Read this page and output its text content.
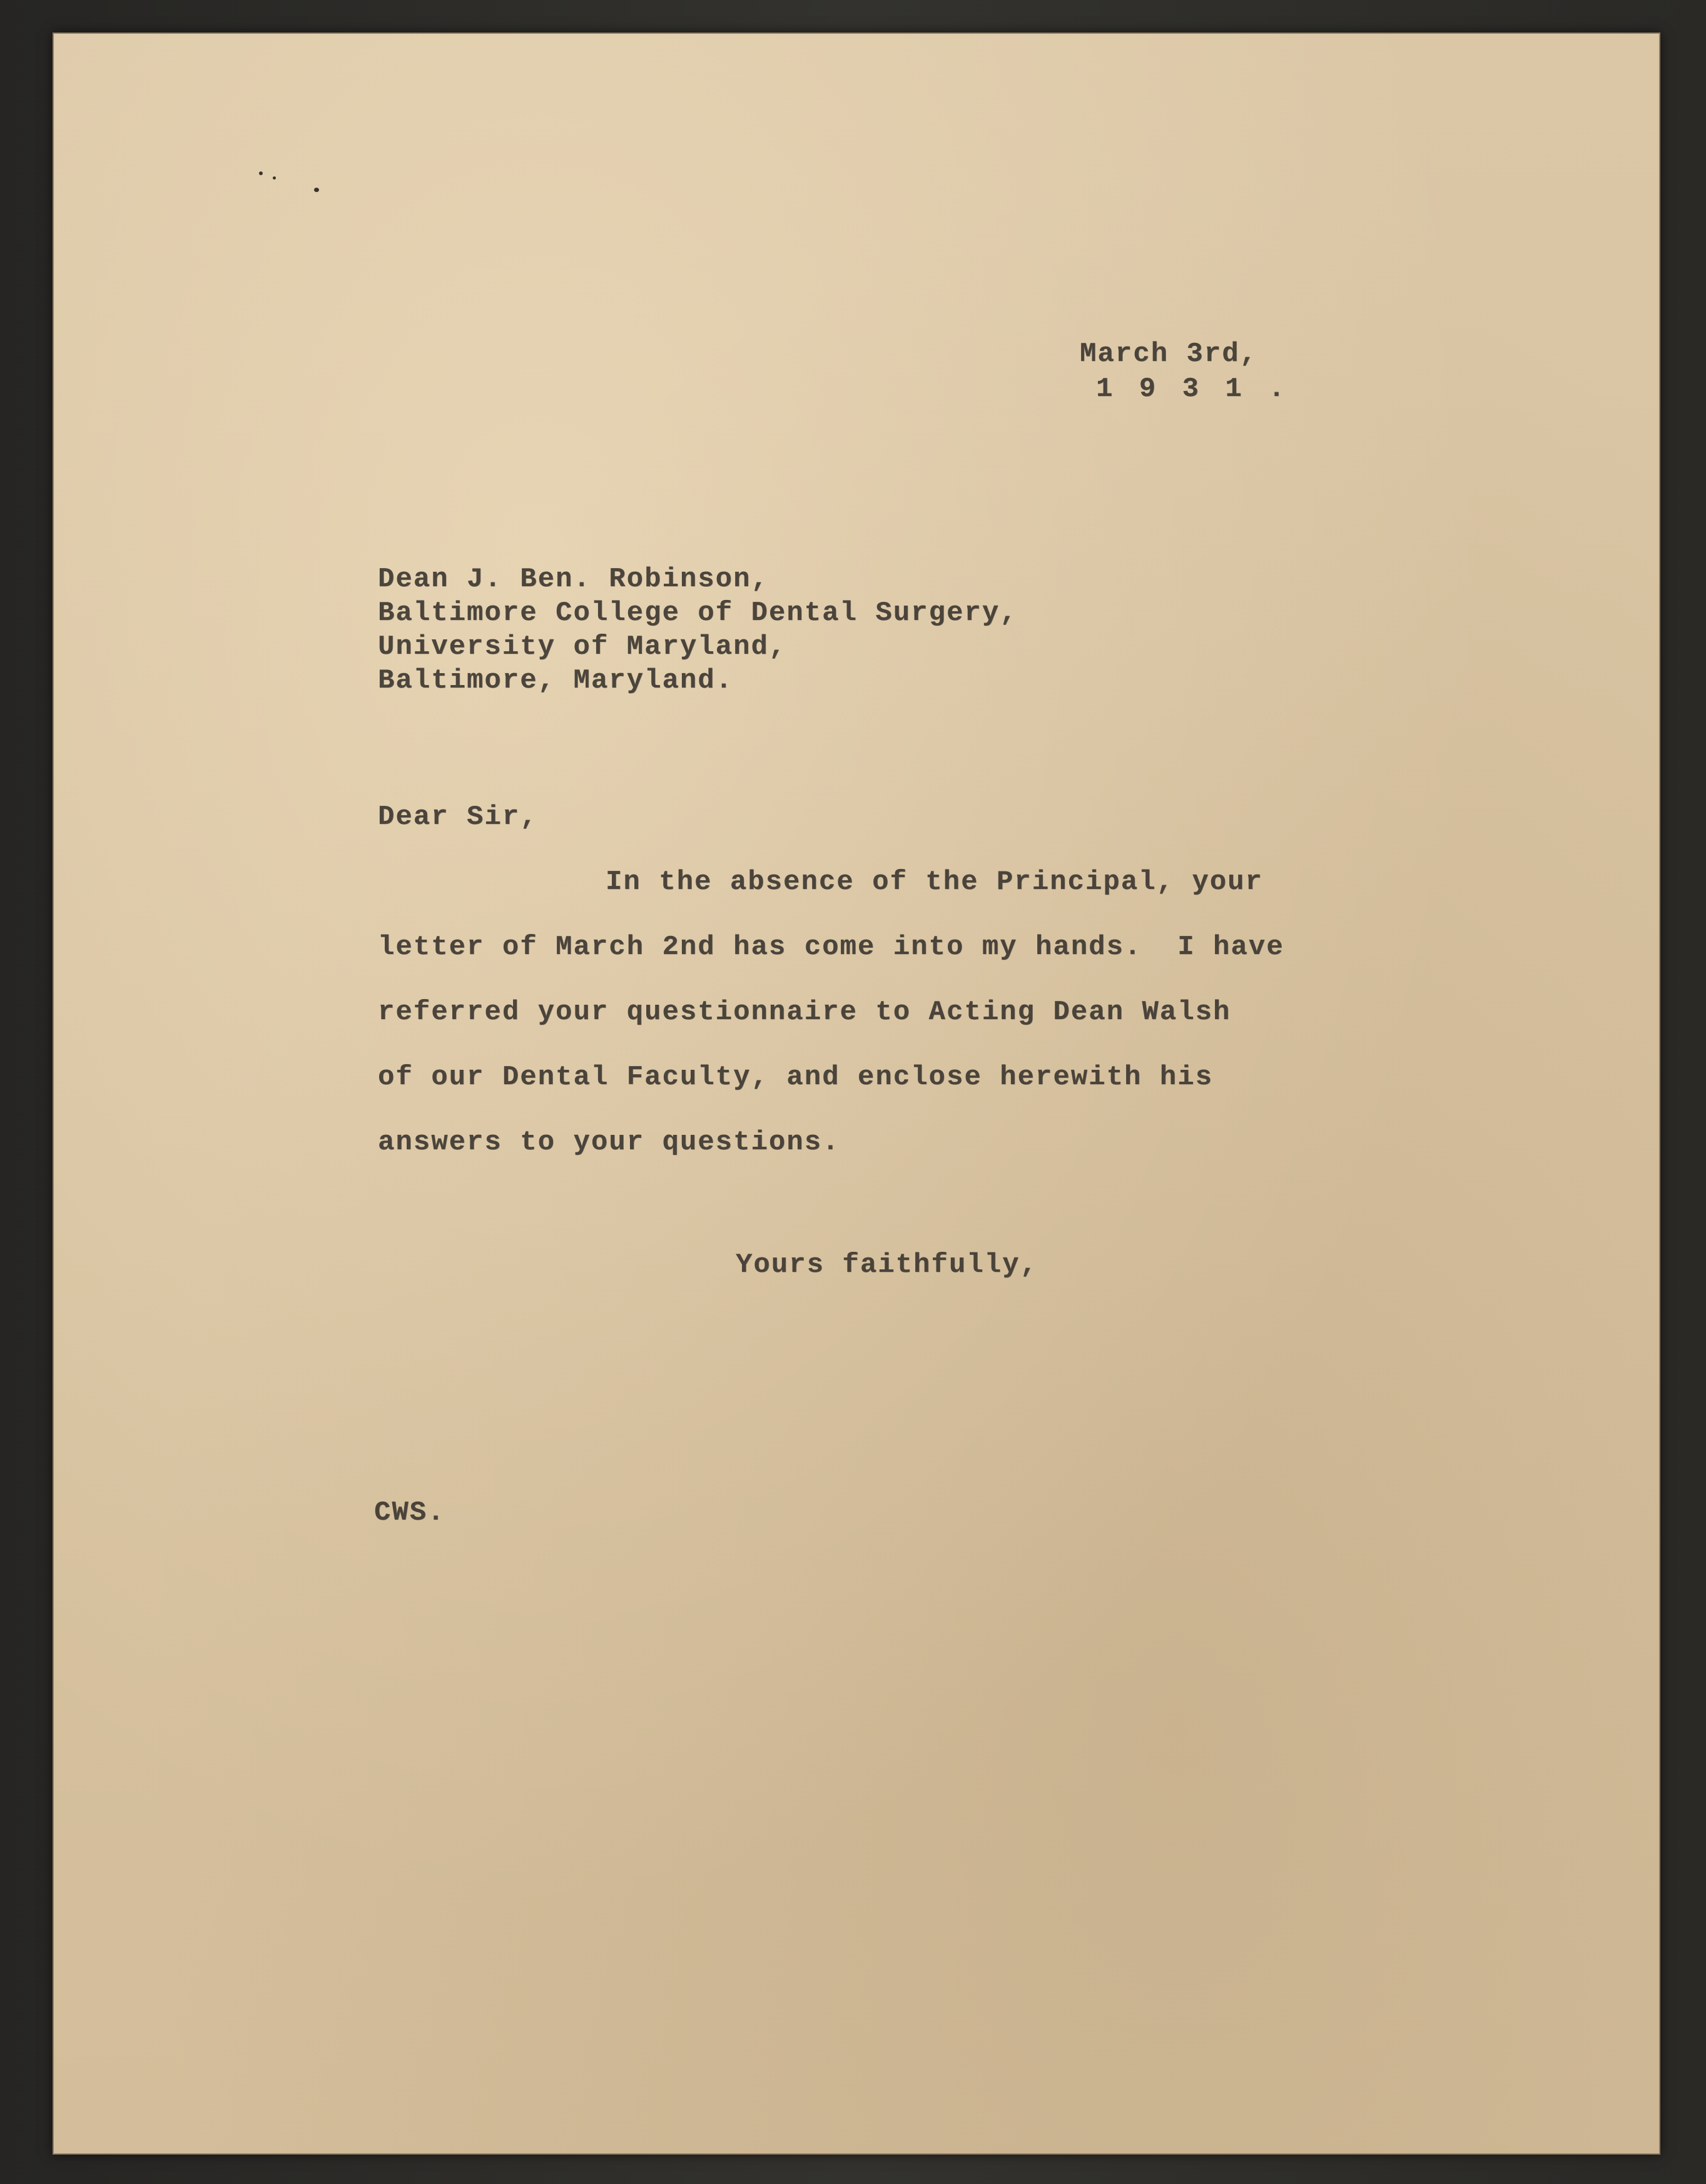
March 3rd,
1 9 3 1 .
Dean J. Ben. Robinson,
Baltimore College of Dental Surgery,
University of Maryland,
Baltimore, Maryland.
Dear Sir,
In the absence of the Principal, your
letter of March 2nd has come into my hands.  I have
referred your questionnaire to Acting Dean Walsh
of our Dental Faculty, and enclose herewith his
answers to your questions.
Yours faithfully,
CWS.
